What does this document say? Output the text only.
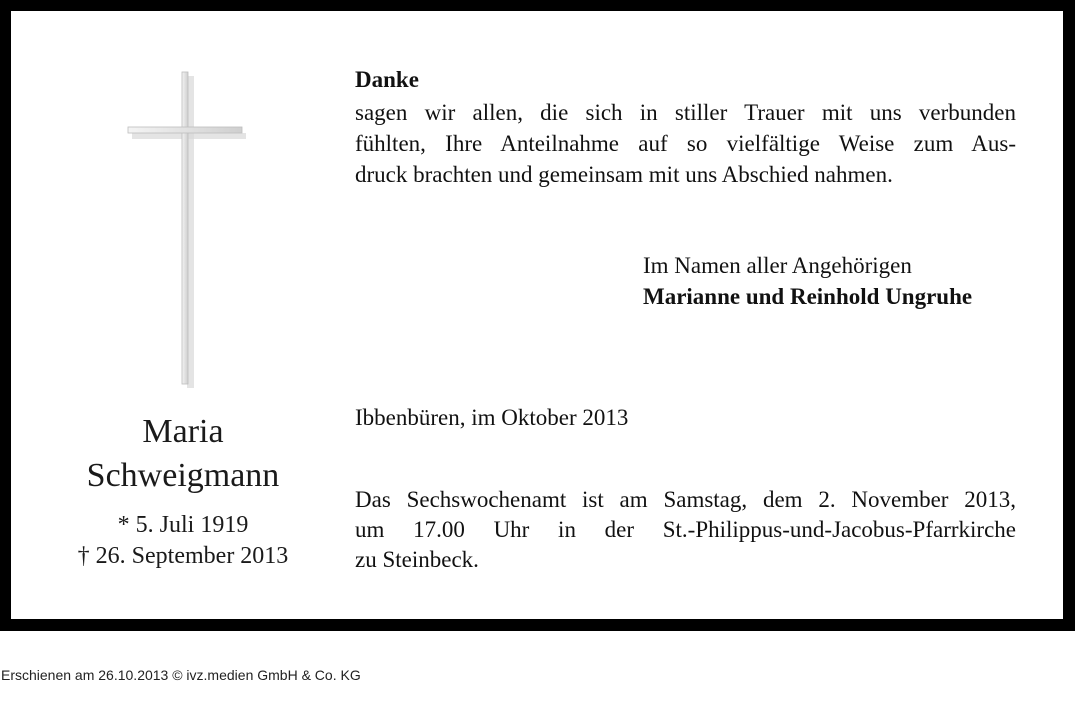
Maria
Schweigmann
* 5. Juli 1919
† 26. September 2013
Danke
sagen wir allen, die sich in stiller Trauer mit uns verbunden
fühlten, Ihre Anteilnahme auf so vielfältige Weise zum Aus-
druck brachten und gemeinsam mit uns Abschied nahmen.
Im Namen aller Angehörigen
Marianne und Reinhold Ungruhe
Ibbenbüren, im Oktober 2013
Das Sechswochenamt ist am Samstag, dem 2. November 2013,
um 17.00 Uhr in der St.-Philippus-und-Jacobus-Pfarrkirche
zu Steinbeck.
Erschienen am 26.10.2013 © ivz.medien GmbH & Co. KG
